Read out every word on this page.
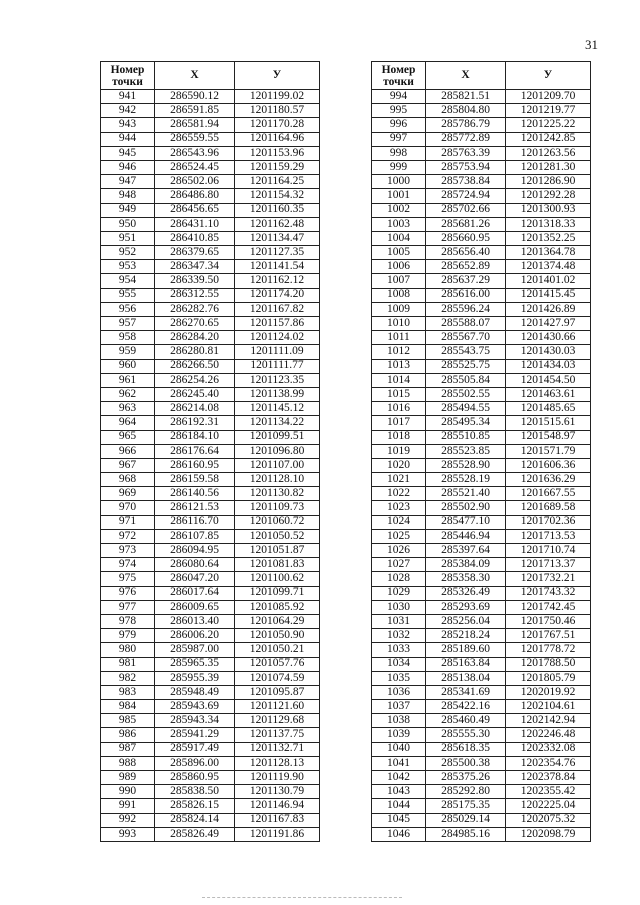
31
Номер
точки	X	У
941	286590.12	1201199.02
942	286591.85	1201180.57
943	286581.94	1201170.28
944	286559.55	1201164.96
945	286543.96	1201153.96
946	286524.45	1201159.29
947	286502.06	1201164.25
948	286486.80	1201154.32
949	286456.65	1201160.35
950	286431.10	1201162.48
951	286410.85	1201134.47
952	286379.65	1201127.35
953	286347.34	1201141.54
954	286339.50	1201162.12
955	286312.55	1201174.20
956	286282.76	1201167.82
957	286270.65	1201157.86
958	286284.20	1201124.02
959	286280.81	1201111.09
960	286266.50	1201111.77
961	286254.26	1201123.35
962	286245.40	1201138.99
963	286214.08	1201145.12
964	286192.31	1201134.22
965	286184.10	1201099.51
966	286176.64	1201096.80
967	286160.95	1201107.00
968	286159.58	1201128.10
969	286140.56	1201130.82
970	286121.53	1201109.73
971	286116.70	1201060.72
972	286107.85	1201050.52
973	286094.95	1201051.87
974	286080.64	1201081.83
975	286047.20	1201100.62
976	286017.64	1201099.71
977	286009.65	1201085.92
978	286013.40	1201064.29
979	286006.20	1201050.90
980	285987.00	1201050.21
981	285965.35	1201057.76
982	285955.39	1201074.59
983	285948.49	1201095.87
984	285943.69	1201121.60
985	285943.34	1201129.68
986	285941.29	1201137.75
987	285917.49	1201132.71
988	285896.00	1201128.13
989	285860.95	1201119.90
990	285838.50	1201130.79
991	285826.15	1201146.94
992	285824.14	1201167.83
993	285826.49	1201191.86
Номер
точки	X	У
994	285821.51	1201209.70
995	285804.80	1201219.77
996	285786.79	1201225.22
997	285772.89	1201242.85
998	285763.39	1201263.56
999	285753.94	1201281.30
1000	285738.84	1201286.90
1001	285724.94	1201292.28
1002	285702.66	1201300.93
1003	285681.26	1201318.33
1004	285660.95	1201352.25
1005	285656.40	1201364.78
1006	285652.89	1201374.48
1007	285637.29	1201401.02
1008	285616.00	1201415.45
1009	285596.24	1201426.89
1010	285588.07	1201427.97
1011	285567.70	1201430.66
1012	285543.75	1201430.03
1013	285525.75	1201434.03
1014	285505.84	1201454.50
1015	285502.55	1201463.61
1016	285494.55	1201485.65
1017	285495.34	1201515.61
1018	285510.85	1201548.97
1019	285523.85	1201571.79
1020	285528.90	1201606.36
1021	285528.19	1201636.29
1022	285521.40	1201667.55
1023	285502.90	1201689.58
1024	285477.10	1201702.36
1025	285446.94	1201713.53
1026	285397.64	1201710.74
1027	285384.09	1201713.37
1028	285358.30	1201732.21
1029	285326.49	1201743.32
1030	285293.69	1201742.45
1031	285256.04	1201750.46
1032	285218.24	1201767.51
1033	285189.60	1201778.72
1034	285163.84	1201788.50
1035	285138.04	1201805.79
1036	285341.69	1202019.92
1037	285422.16	1202104.61
1038	285460.49	1202142.94
1039	285555.30	1202246.48
1040	285618.35	1202332.08
1041	285500.38	1202354.76
1042	285375.26	1202378.84
1043	285292.80	1202355.42
1044	285175.35	1202225.04
1045	285029.14	1202075.32
1046	284985.16	1202098.79
